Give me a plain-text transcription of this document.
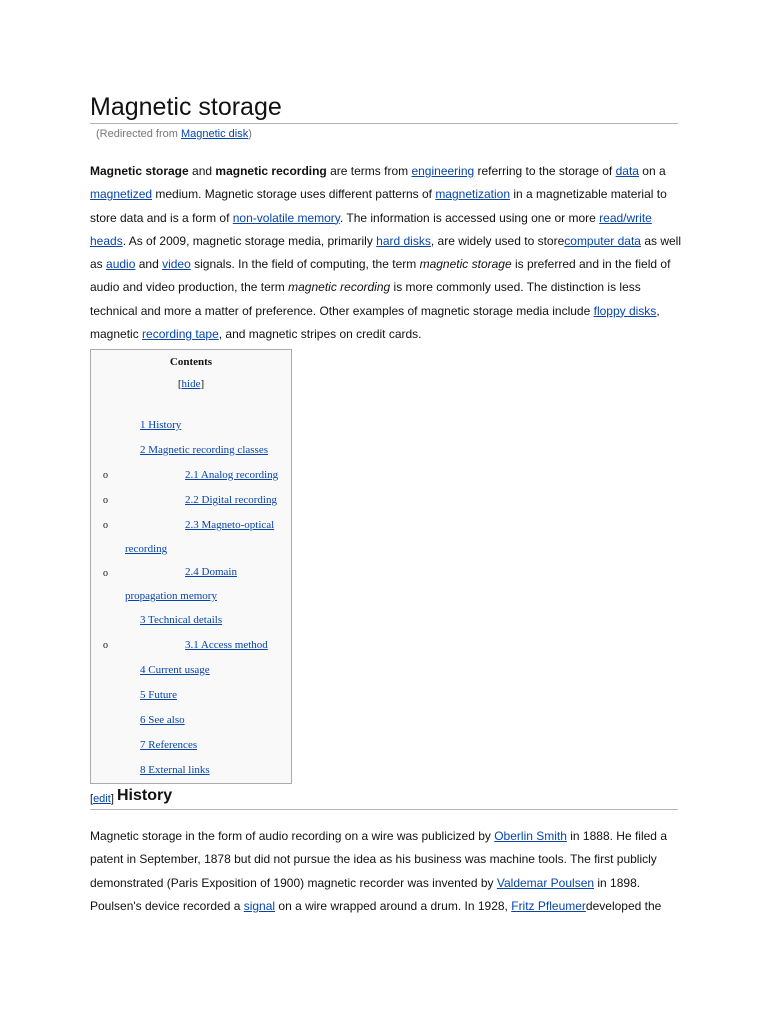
Magnetic storage
(Redirected from Magnetic disk)

Magnetic storage and magnetic recording are terms from engineering referring to the storage of data on a magnetized medium. Magnetic storage uses different patterns of magnetization in a magnetizable material to store data and is a form of non-volatile memory. The information is accessed using one or more read/write heads. As of 2009, magnetic storage media, primarily hard disks, are widely used to storecomputer data as well as audio and video signals. In the field of computing, the term magnetic storage is preferred and in the field of audio and video production, the term magnetic recording is more commonly used. The distinction is less technical and more a matter of preference. Other examples of magnetic storage media include floppy disks, magnetic recording tape, and magnetic stripes on credit cards.

Contents
[hide]
1 History
2 Magnetic recording classes
o	2.1 Analog recording
o	2.2 Digital recording
o	2.3 Magneto-optical
recording
o	2.4 Domain
propagation memory
3 Technical details
o	3.1 Access method
4 Current usage
5 Future
6 See also
7 References
8 External links
[edit] History

Magnetic storage in the form of audio recording on a wire was publicized by Oberlin Smith in 1888. He filed a patent in September, 1878 but did not pursue the idea as his business was machine tools. The first publicly demonstrated (Paris Exposition of 1900) magnetic recorder was invented by Valdemar Poulsen in 1898. Poulsen's device recorded a signal on a wire wrapped around a drum. In 1928, Fritz Pfleumerdeveloped the
